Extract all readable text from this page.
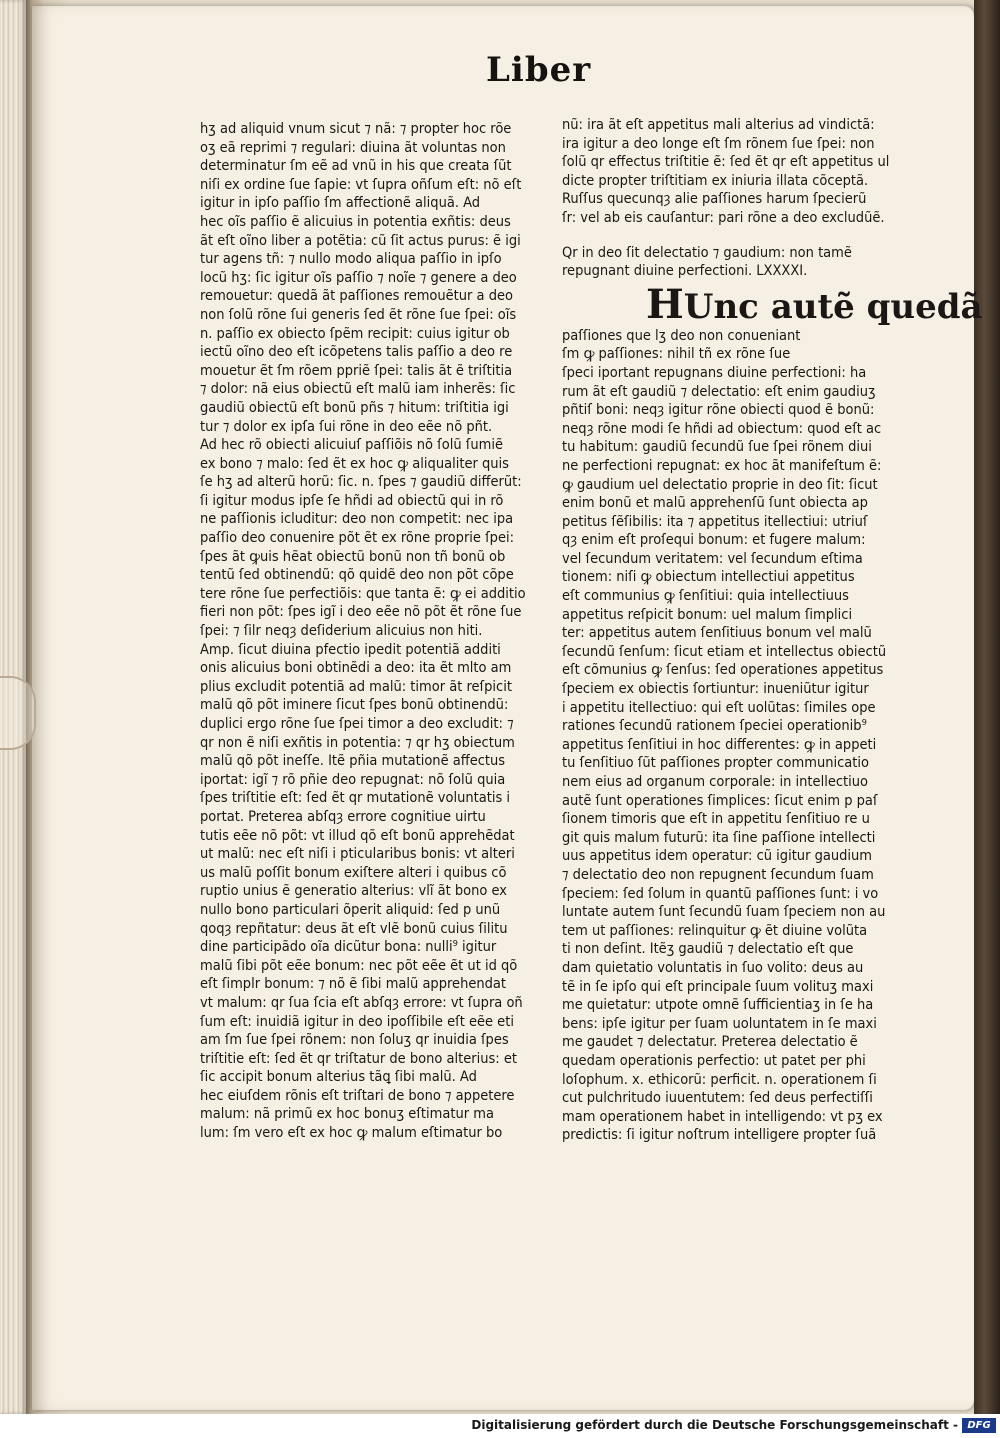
Liber
hʒ ad aliquid vnum sicut ⁊ nã: ⁊ propter hoc rõe
oʒ eã reprimi ⁊ regulari: diuina ãt voluntas non
determinatur ſm eẽ ad vnũ in his que creata ſũt
niſi ex ordine ſue ſapie: vt ſupra oñſum eſt: nõ eſt
igitur in ipſo paſſio ſm affectionẽ aliquã. Ad
hec oĩs paſſio ẽ alicuius in potentia exñtis: deus
ãt eſt oĩno liber a potẽtia: cũ ſit actus purus: ẽ igi
tur agens tñ: ⁊ nullo modo aliqua paſſio in ipſo
locũ hʒ: ſic igitur oĩs paſſio ⁊ noĩe ⁊ genere a deo
remouetur: quedã ãt paſſiones remouẽtur a deo
non ſolũ rõne ſui generis ſed ẽt rõne ſue ſpei: oĩs
n. paſſio ex obiecto ſpẽm recipit: cuius igitur ob
iectũ oĩno deo eſt icõpetens talis paſſio a deo re
mouetur ẽt ſm rõem ppriẽ ſpei: talis ãt ẽ triſtitia
⁊ dolor: nã eius obiectũ eſt malũ iam inherẽs: ſic
gaudiũ obiectũ eſt bonũ pñs ⁊ hitum: triſtitia igi
tur ⁊ dolor ex ipſa ſui rõne in deo eẽe nõ pñt.
Ad hec rõ obiecti alicuiuſ paſſiõis nõ ſolũ ſumiẽ
ex bono ⁊ malo: ſed ẽt ex hoc ꝙ aliqualiter quis
ſe hʒ ad alterũ horũ: ſic. n. ſpes ⁊ gaudiũ differũt:
ſi igitur modus ipſe ſe hñdi ad obiectũ qui in rõ
ne paſſionis icluditur: deo non competit: nec ipa
paſſio deo conuenire põt ẽt ex rõne proprie ſpei:
ſpes ãt ꝙuis hẽat obiectũ bonũ non tñ bonũ ob
tentũ ſed obtinendũ: qõ quidẽ deo non põt cõpe
tere rõne ſue perfectiõis: que tanta ẽ: ꝙ ei additio
fieri non põt: ſpes igĩ i deo eẽe nõ põt ẽt rõne ſue
ſpei: ⁊ ſilr neqȝ deſiderium alicuius non hiti.
Amp. ſicut diuina pfectio ipedit potentiã additi
onis alicuius boni obtinẽdi a deo: ita ẽt mlto am
plius excludit potentiã ad malũ: timor ãt reſpicit
malũ qõ põt iminere ſicut ſpes bonũ obtinendũ:
duplici ergo rõne ſue ſpei timor a deo excludit: ⁊
qr non ẽ niſi exñtis in potentia: ⁊ qr hʒ obiectum
malũ qõ põt ineſſe. Itẽ pñia mutationẽ affectus
iportat: igĩ ⁊ rõ pñie deo repugnat: nõ ſolũ quia
ſpes triſtitie eſt: ſed ẽt qr mutationẽ voluntatis i
portat. Preterea abſqȝ errore cognitiue uirtu
tutis eẽe nõ põt: vt illud qõ eſt bonũ apprehẽdat
ut malũ: nec eſt niſi i pticularibus bonis: vt alteri
us malũ poſſit bonum exiſtere alteri i quibus cõ
ruptio unius ẽ generatio alterius: vlĩ ãt bono ex
nullo bono particulari õperit aliquid: ſed p unũ
qoqȝ repñtatur: deus ãt eſt vlẽ bonũ cuius ſilitu
dine participãdo oĩa dicũtur bona: nulli⁹ igitur
malũ ſibi põt eẽe bonum: nec põt eẽe ẽt ut id qõ
eſt ſimplr bonum: ⁊ nõ ẽ ſibi malũ apprehendat
vt malum: qr ſua ſcia eſt abſqȝ errore: vt ſupra oñ
ſum eſt: inuidiã igitur in deo ipoſſibile eſt eẽe eti
am ſm ſue ſpei rõnem: non ſoluʒ qr inuidia ſpes
triſtitie eſt: ſed ẽt qr triſtatur de bono alterius: et
ſic accipit bonum alterius tãꝗ ſibi malũ. Ad
hec eiuſdem rõnis eſt triſtari de bono ⁊ appetere
malum: nã primũ ex hoc bonuʒ eſtimatur ma
lum: ſm vero eſt ex hoc ꝙ malum eſtimatur bo
nũ: ira ãt eſt appetitus mali alterius ad vindictã:
ira igitur a deo longe eſt ſm rõnem ſue ſpei: non
ſolũ qr effectus triſtitie ẽ: ſed ẽt qr eſt appetitus ul
dicte propter triſtitiam ex iniuria illata cõceptã.
Ruſſus quecunqȝ alie paſſiones harum ſpecierũ
ſr: vel ab eis cauſantur: pari rõne a deo excludũẽ.
Qr in deo ſit delectatio ⁊ gaudium: non tamẽ
repugnant diuine perfectioni. LXXXXI.
HUnc autẽ quedã
paſſiones que lʒ deo non conueniant
ſm ꝙ paſſiones: nihil tñ ex rõne ſue
ſpeci iportant repugnans diuine perfectioni: ha
rum ãt eſt gaudiũ ⁊ delectatio: eſt enim gaudiuʒ
pñtiſ boni: neqȝ igitur rõne obiecti quod ẽ bonũ:
neqȝ rõne modi ſe hñdi ad obiectum: quod eſt ac
tu habitum: gaudiũ ſecundũ ſue ſpei rõnem diui
ne perfectioni repugnat: ex hoc ãt manifeſtum ẽ:
ꝙ gaudium uel delectatio proprie in deo ſit: ſicut
enim bonũ et malũ apprehenſũ ſunt obiecta ap
petitus ſẽſibilis: ita ⁊ appetitus itellectiui: utriuſ
qȝ enim eſt proſequi bonum: et fugere malum:
vel ſecundum veritatem: vel ſecundum eſtima
tionem: niſi ꝙ obiectum intellectiui appetitus
eſt communius ꝙ ſenſitiui: quia intellectiuus
appetitus reſpicit bonum: uel malum ſimplici
ter: appetitus autem ſenſitiuus bonum vel malũ
ſecundũ ſenſum: ſicut etiam et intellectus obiectũ
eſt cõmunius ꝙ ſenſus: ſed operationes appetitus
ſpeciem ex obiectis ſortiuntur: inueniũtur igitur
i appetitu itellectiuo: qui eſt uolũtas: ſimiles ope
rationes ſecundũ rationem ſpeciei operationib⁹
appetitus ſenſitiui in hoc differentes: ꝙ in appeti
tu ſenſitiuo ſũt paſſiones propter communicatio
nem eius ad organum corporale: in intellectiuo
autẽ ſunt operationes ſimplices: ſicut enim p paſ
ſionem timoris que eſt in appetitu ſenſitiuo re u
git quis malum futurũ: ita ſine paſſione intellecti
uus appetitus idem operatur: cũ igitur gaudium
⁊ delectatio deo non repugnent ſecundum ſuam
ſpeciem: ſed ſolum in quantũ paſſiones ſunt: i vo
luntate autem ſunt ſecundũ ſuam ſpeciem non au
tem ut paſſiones: relinquitur ꝙ ẽt diuine volũta
ti non deſint. Itẽʒ gaudiũ ⁊ delectatio eſt que
dam quietatio voluntatis in ſuo volito: deus au
tẽ in ſe ipſo qui eſt principale ſuum volituʒ maxi
me quietatur: utpote omnẽ ſufficientiaʒ in ſe ha
bens: ipſe igitur per ſuam uoluntatem in ſe maxi
me gaudet ⁊ delectatur. Preterea delectatio ẽ
quedam operationis perfectio: ut patet per phi
loſophum. x. ethicorũ: perficit. n. operationem ſi
cut pulchritudo iuuentutem: ſed deus perfectiſſi
mam operationem habet in intelligendo: vt pʒ ex
predictis: ſi igitur noſtrum intelligere propter ſuã
Digitalisierung gefördert durch die Deutsche Forschungsgemeinschaft - DFG
